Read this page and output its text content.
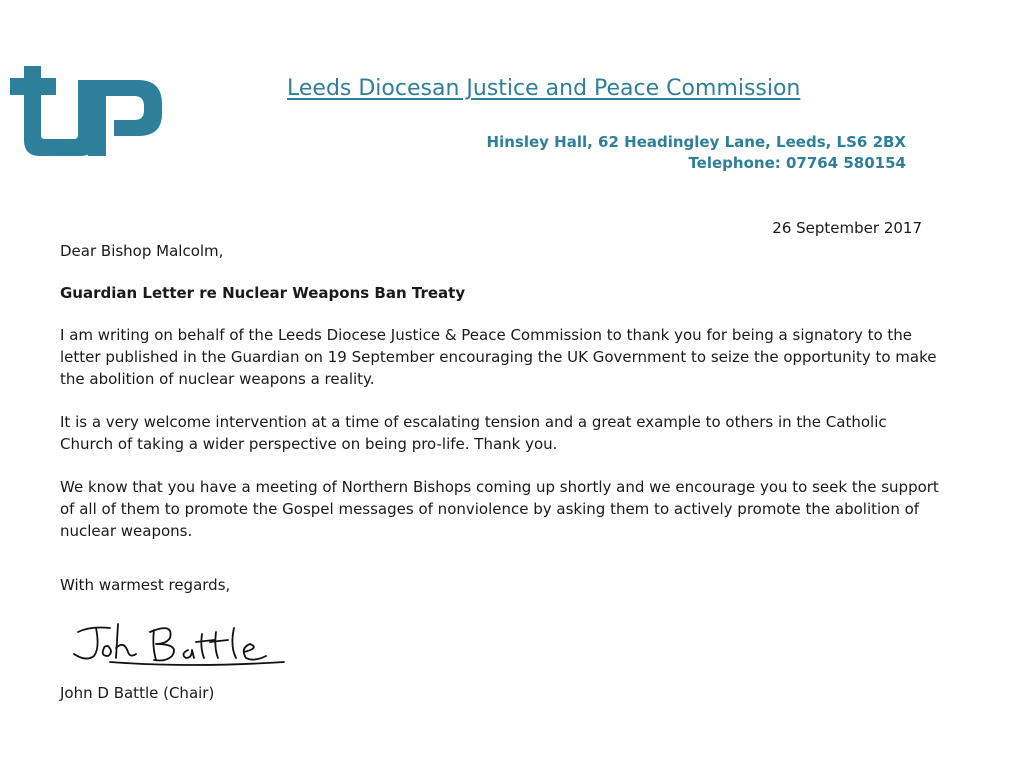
Leeds Diocesan Justice and Peace Commission
Hinsley Hall, 62 Headingley Lane, Leeds, LS6 2BX
Telephone: 07764 580154
26 September 2017

Dear Bishop Malcolm,

Guardian Letter re Nuclear Weapons Ban Treaty

I am writing on behalf of the Leeds Diocese Justice & Peace Commission to thank you for being a signatory to the letter published in the Guardian on 19 September encouraging the UK Government to seize the opportunity to make the abolition of nuclear weapons a reality.

It is a very welcome intervention at a time of escalating tension and a great example to others in the Catholic Church of taking a wider perspective on being pro-life. Thank you.

We know that you have a meeting of Northern Bishops coming up shortly and we encourage you to seek the support of all of them to promote the Gospel messages of nonviolence by asking them to actively promote the abolition of nuclear weapons.

With warmest regards,
John D Battle (Chair)
